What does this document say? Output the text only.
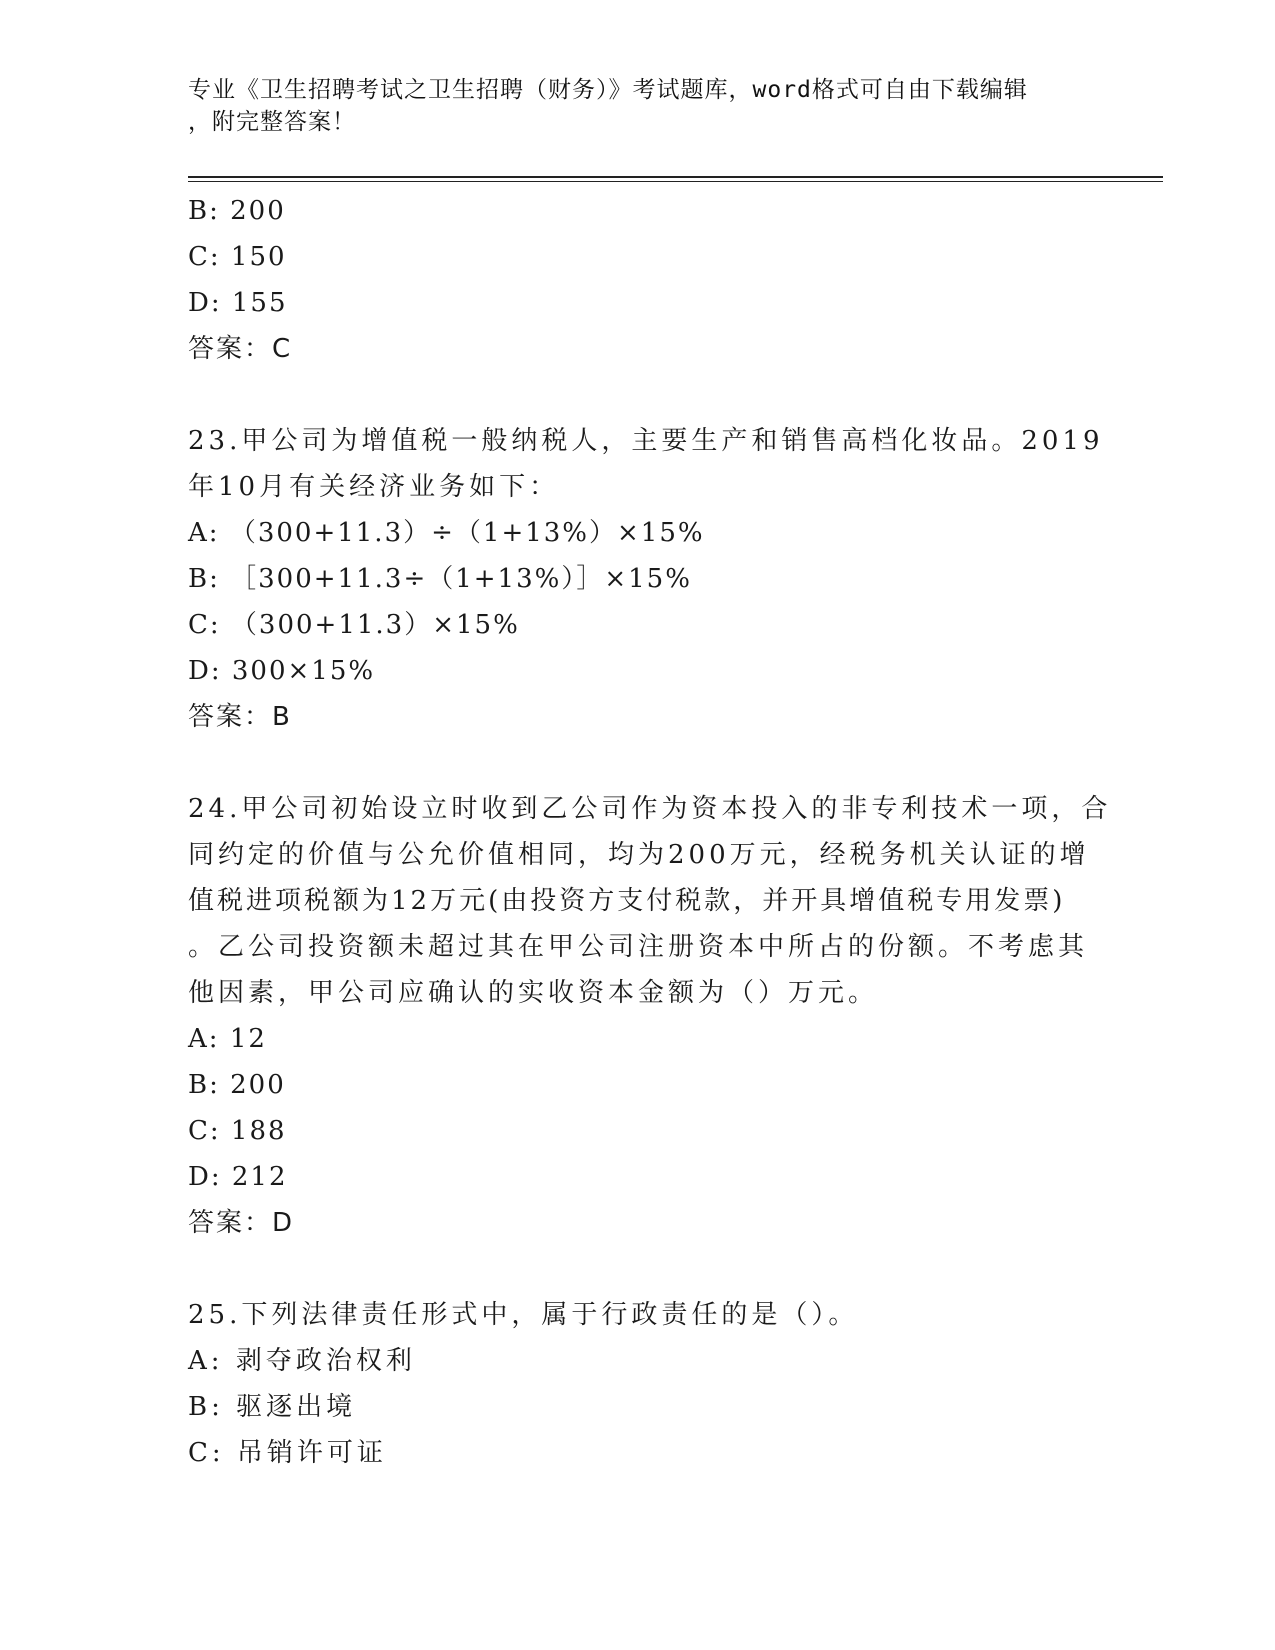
专业《卫生招聘考试之卫生招聘（财务）》考试题库，word格式可自由下载编辑
，附完整答案！
B: 200
C: 150
D: 155
答案：C
23.甲公司为增值税一般纳税人，主要生产和销售高档化妆品。2019
年10月有关经济业务如下：
A: （300+11.3）÷（1+13%）×15%
B: ［300+11.3÷（1+13%）］×15%
C: （300+11.3）×15%
D: 300×15%
答案：B
24.甲公司初始设立时收到乙公司作为资本投入的非专利技术一项，合
同约定的价值与公允价值相同，均为200万元，经税务机关认证的增
值税进项税额为12万元(由投资方支付税款，并开具增值税专用发票)
。乙公司投资额未超过其在甲公司注册资本中所占的份额。不考虑其
他因素，甲公司应确认的实收资本金额为（）万元。
A: 12
B: 200
C: 188
D: 212
答案：D
25.下列法律责任形式中，属于行政责任的是（）。
A: 剥夺政治权利
B: 驱逐出境
C: 吊销许可证
